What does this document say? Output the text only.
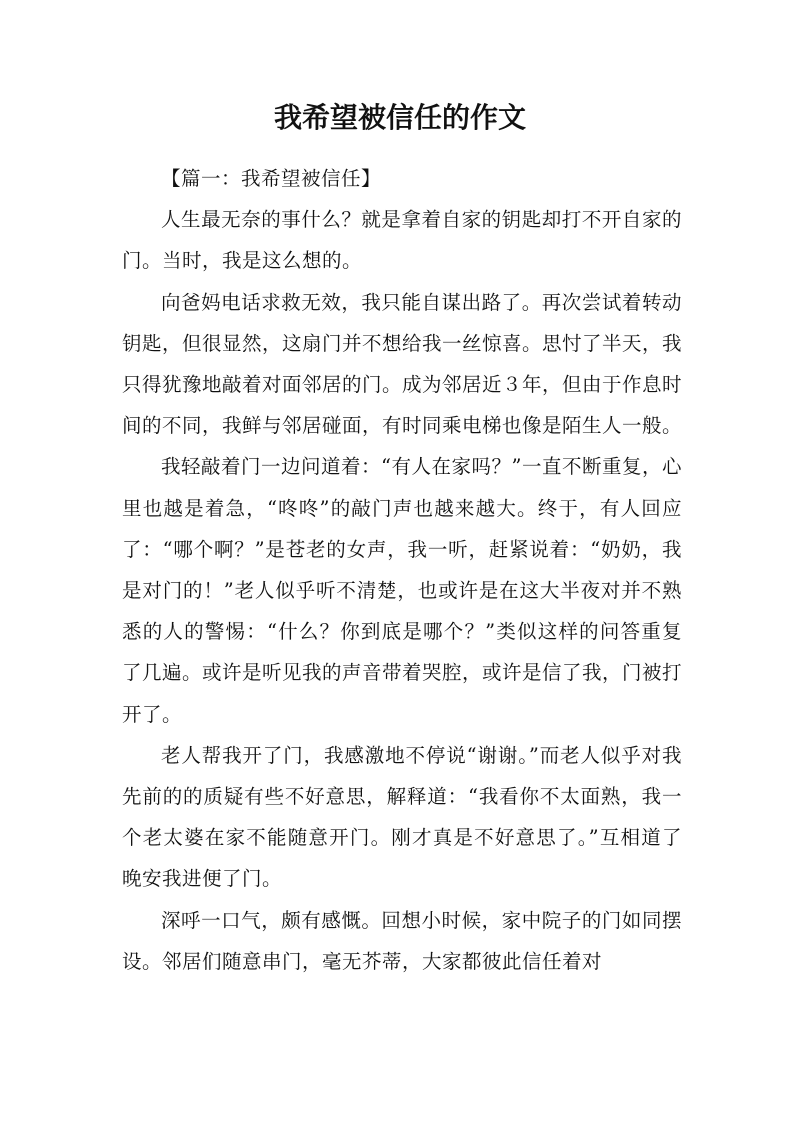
我希望被信任的作文

【篇一：我希望被信任】

人生最无奈的事什么？就是拿着自家的钥匙却打不开自家的门。当时，我是这么想的。

向爸妈电话求救无效，我只能自谋出路了。再次尝试着转动钥匙，但很显然，这扇门并不想给我一丝惊喜。思忖了半天，我只得犹豫地敲着对面邻居的门。成为邻居近３年，但由于作息时间的不同，我鲜与邻居碰面，有时同乘电梯也像是陌生人一般。

我轻敲着门一边问道着：“有人在家吗？”一直不断重复，心里也越是着急，“咚咚”的敲门声也越来越大。终于，有人回应了：“哪个啊？”是苍老的女声，我一听，赶紧说着：“奶奶，我是对门的！”老人似乎听不清楚，也或许是在这大半夜对并不熟悉的人的警惕：“什么？你到底是哪个？”类似这样的问答重复了几遍。或许是听见我的声音带着哭腔，或许是信了我，门被打开了。

老人帮我开了门，我感激地不停说“谢谢。”而老人似乎对我先前的的质疑有些不好意思，解释道：“我看你不太面熟，我一个老太婆在家不能随意开门。刚才真是不好意思了。”互相道了晚安我进便了门。

深呼一口气，颇有感慨。回想小时候，家中院子的门如同摆设。邻居们随意串门，毫无芥蒂，大家都彼此信任着对
